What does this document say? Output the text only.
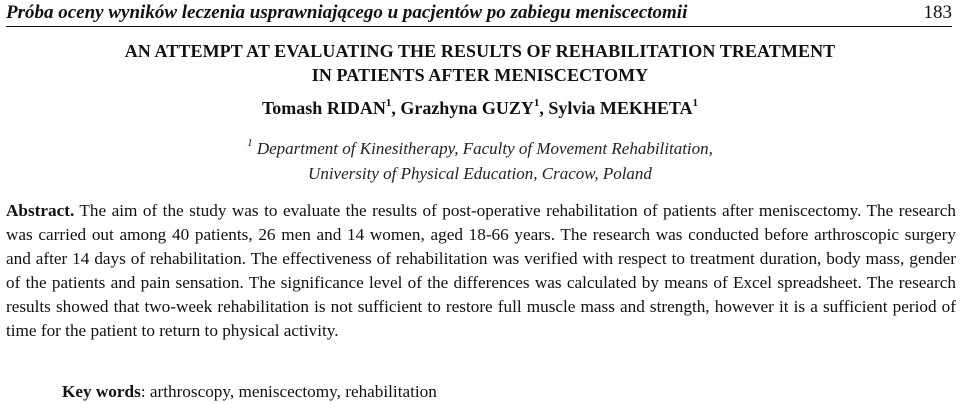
Próba oceny wyników leczenia usprawniającego u pacjentów po zabiegu meniscectomii	183
AN ATTEMPT AT EVALUATING THE RESULTS OF REHABILITATION TREATMENT
IN PATIENTS AFTER MENISCECTOMY
Tomash RIDAN$^1$, Grazhyna GUZY$^1$, Sylvia MEKHETA$^1$
$^1$ Department of Kinesitherapy, Faculty of Movement Rehabilitation,
University of Physical Education, Cracow, Poland
Abstract. The aim of the study was to evaluate the results of post-operative rehabilitation of patients after meniscectomy. The research was carried out among 40 patients, 26 men and 14 women, aged 18-66 years. The research was conducted before arthroscopic surgery and after 14 days of rehabilitation. The effectiveness of rehabilitation was verified with respect to treatment duration, body mass, gender of the patients and pain sensation. The significance level of the differences was calculated by means of Excel spreadsheet. The research results showed that two-week rehabilitation is not sufficient to restore full muscle mass and strength, however it is a sufficient period of time for the patient to return to physical activity.
Key words: arthroscopy, meniscectomy, rehabilitation
